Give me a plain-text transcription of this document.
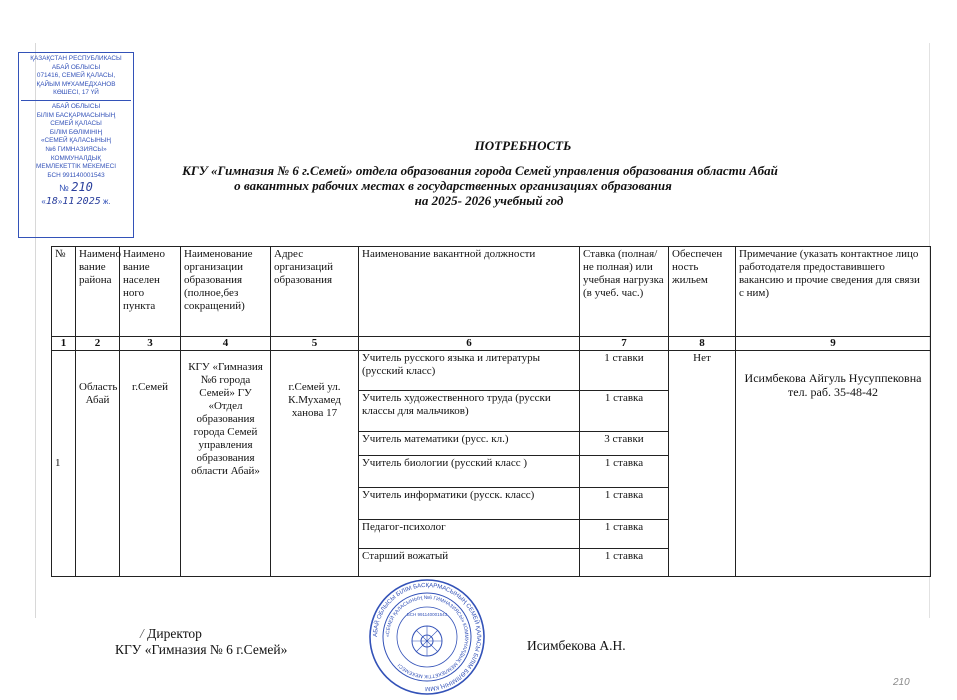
ҚАЗАҚСТАН РЕСПУБЛИКАСЫ
АБАЙ ОБЛЫСЫ
071416, СЕМЕЙ ҚАЛАСЫ,
ҚАЙЫМ МҰХАМЕДХАНОВ
КӨШЕСІ, 17 ҮЙ
АБАЙ ОБЛЫСЫ
БІЛІМ БАСҚАРМАСЫНЫҢ
СЕМЕЙ ҚАЛАСЫ
БІЛІМ БӨЛІМІНІҢ
«СЕМЕЙ ҚАЛАСЫНЫҢ
№6 ГИМНАЗИЯСЫ»
КОММУНАЛДЫҚ
МЕМЛЕКЕТТІК МЕКЕМЕСІ
БСН 991140001543
№ 210
«18»11 2025 ж.
ПОТРЕБНОСТЬ
КГУ «Гимназия № 6 г.Семей» отдела образования города Семей управления образования области Абай
о вакантных рабочих местах в государственных организациях образования
на 2025- 2026 учебный год
№	Наимено вание района	Наимено вание населен ного пункта	Наименование организации образования (полное,без сокращений)	Адрес организаций образования	Наименование вакантной должности	Ставка (полная/ не полная) или учебная нагрузка (в учеб. час.)	Обеспечен ность жильем	Примечание (указать контактное лицо работодателя предоставившего вакансию и прочие сведения для связи с ним)
1	2	3	4	5	6	7	8	9
1	Область Абай	г.Семей	КГУ «Гимназия №6 города Семей» ГУ «Отдел образования города Семей управления образования области Абай»	г.Семей ул. К.Мухамед ханова 17	Учитель русского языка и литературы (русский класс)	1 ставки	Нет	Исимбекова Айгуль Нусуппековна
тел. раб. 35-48-42

					Учитель художественного труда (русски классы для мальчиков)	1 ставка		
					Учитель математики (русс. кл.)	3 ставки		
					Учитель биологии (русский класс )	1 ставка		
					Учитель информатики (русск. класс)	1 ставка		
					Педагог-психолог	1 ставка		
					Старший вожатый	1 ставка		
/ Директор
КГУ «Гимназия № 6 г.Семей»	Исимбекова А.Н.
АБАЙ ОБЛЫСЫ БІЛІМ БАСҚАРМАСЫНЫҢ СЕМЕЙ ҚАЛАСЫ БІЛІМ БӨЛІМІНІҢ КММ
«СЕМЕЙ ҚАЛАСЫНЫҢ №6 ГИМНАЗИЯСЫ» КОММУНАЛДЫҚ МЕМЛЕКЕТТІК МЕКЕМЕСІ
БСН 991140001543
210
